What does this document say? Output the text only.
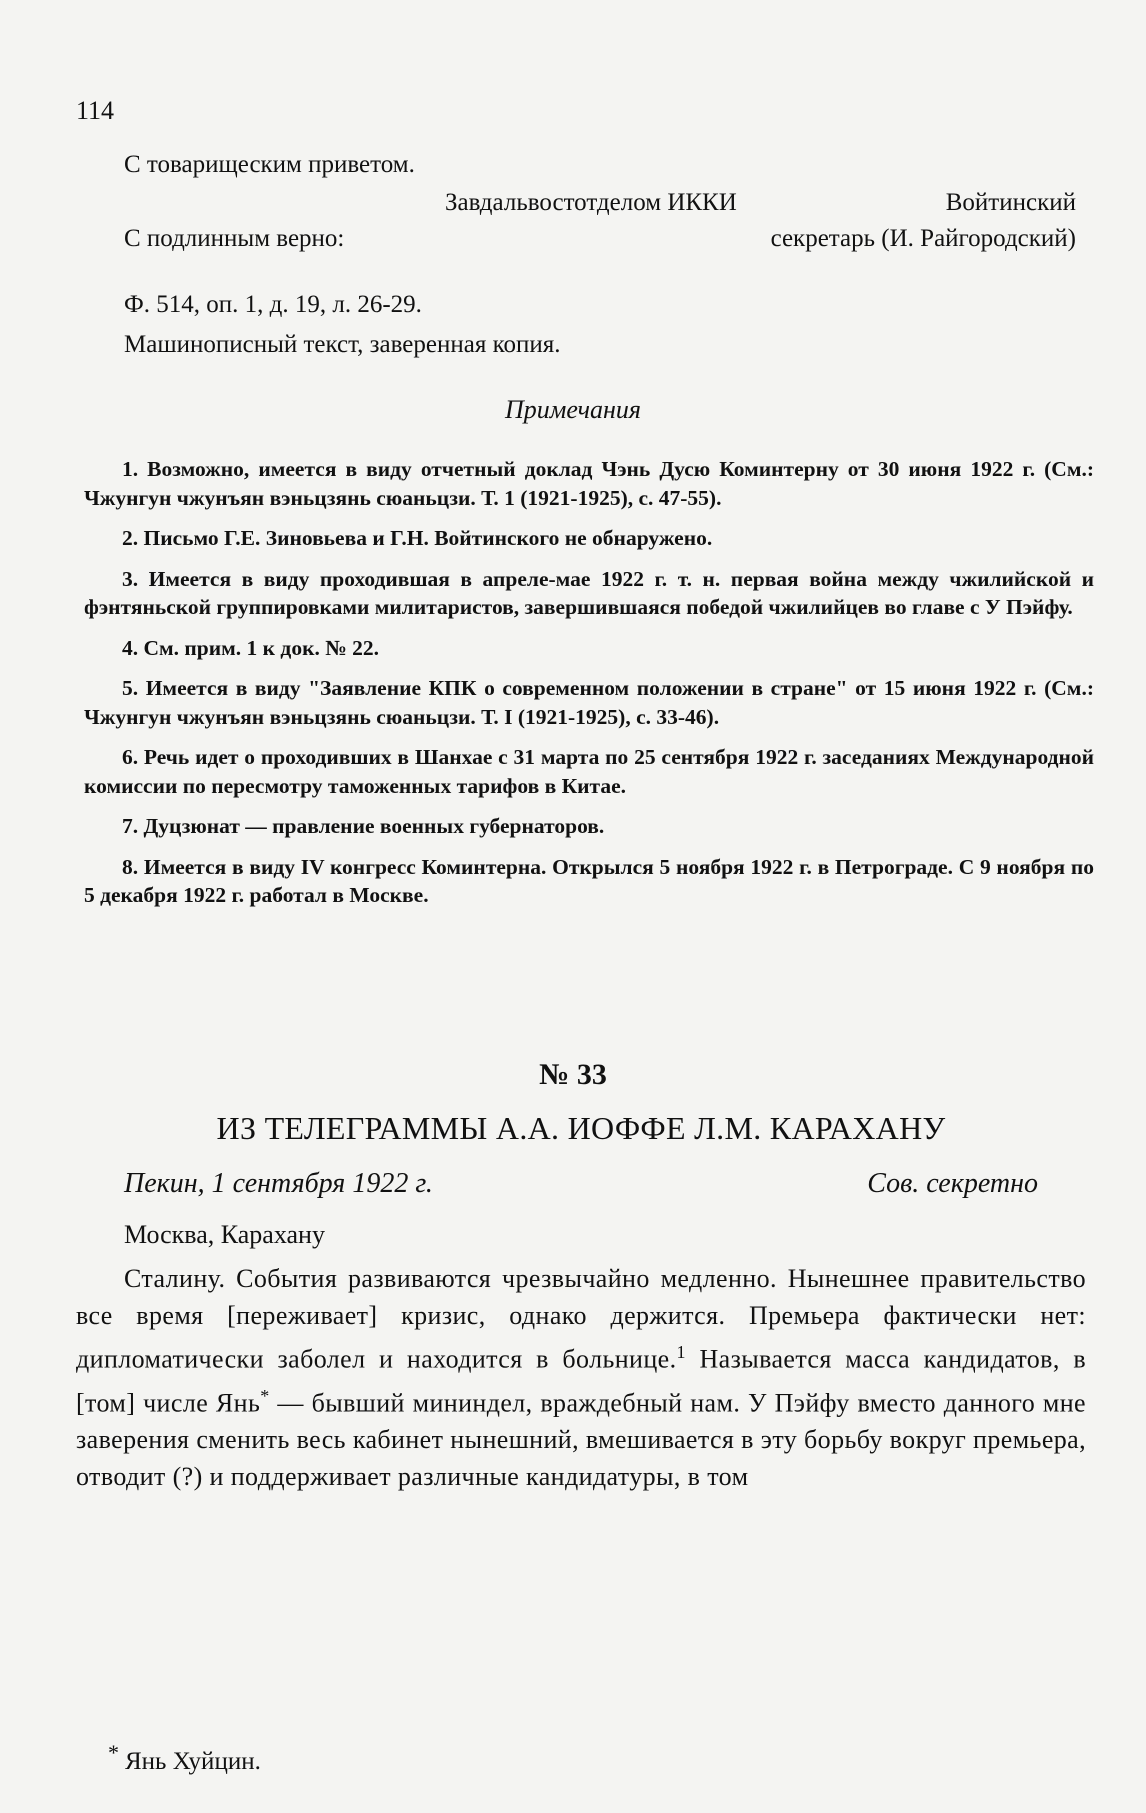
114
С товарищеским приветом.
Завдальвостотделом ИККИ	Войтинский
С подлинным верно:	секретарь (И. Райгородский)
Ф. 514, оп. 1, д. 19, л. 26-29.
Машинописный текст, заверенная копия.
Примечания

1. Возможно, имеется в виду отчетный доклад Чэнь Дусю Коминтерну от 30 июня 1922 г. (См.: Чжунгун чжунъян вэньцзянь сюаньцзи. Т. 1 (1921-1925), с. 47-55).

2. Письмо Г.Е. Зиновьева и Г.Н. Войтинского не обнаружено.

3. Имеется в виду проходившая в апреле-мае 1922 г. т. н. первая война между чжилийской и фэнтяньской группировками милитаристов, завершившаяся победой чжилийцев во главе с У Пэйфу.

4. См. прим. 1 к док. № 22.

5. Имеется в виду "Заявление КПК о современном положении в стране" от 15 июня 1922 г. (См.: Чжунгун чжунъян вэньцзянь сюаньцзи. Т. I (1921-1925), с. 33-46).

6. Речь идет о проходивших в Шанхае с 31 марта по 25 сентября 1922 г. заседаниях Международной комиссии по пересмотру таможенных тарифов в Китае.

7. Дуцзюнат — правление военных губернаторов.

8. Имеется в виду IV конгресс Коминтерна. Открылся 5 ноября 1922 г. в Петрограде. С 9 ноября по 5 декабря 1922 г. работал в Москве.

№ 33
ИЗ ТЕЛЕГРАММЫ А.А. ИОФФЕ Л.М. КАРАХАНУ
Пекин, 1 сентября 1922 г.	Сов. секретно
Москва, Карахану
Сталину. События развиваются чрезвычайно медленно. Нынешнее правительство все время [переживает] кризис, однако держится. Премьера фактически нет: дипломатически заболел и находится в больнице.$^1$ Называется масса кандидатов, в [том] числе Янь* — бывший мининдел, враждебный нам. У Пэйфу вместо данного мне заверения сменить весь кабинет нынешний, вмешивается в эту борьбу вокруг премьера, отводит (?) и поддерживает различные кандидатуры, в том
* Янь Хуйцин.
